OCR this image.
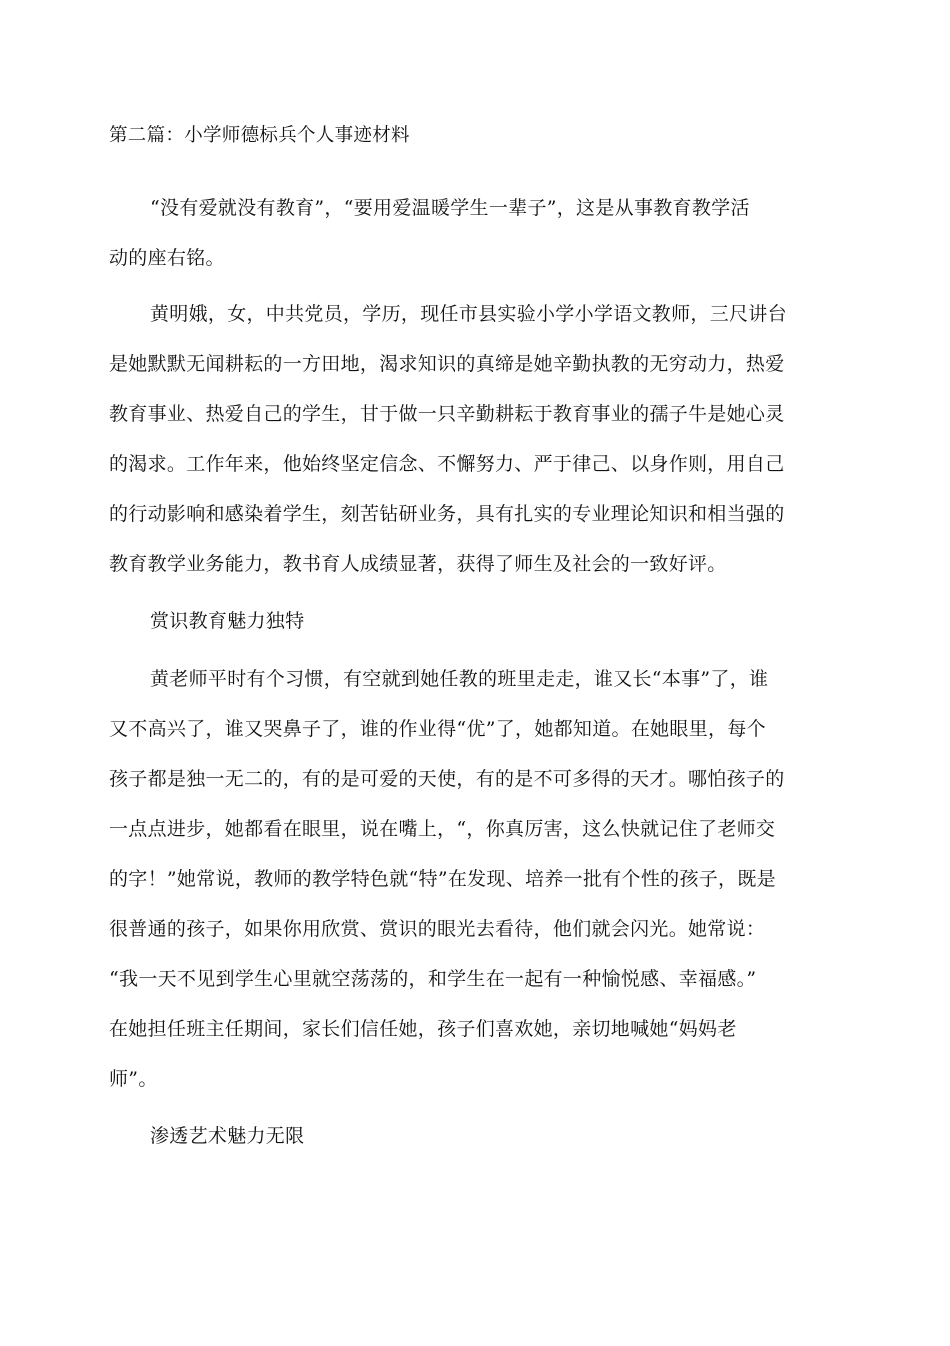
第二篇：小学师德标兵个人事迹材料
“没有爱就没有教育”，“要用爱温暖学生一辈子”，这是从事教育教学活
动的座右铭。
黄明娥，女，中共党员，学历，现任市县实验小学小学语文教师，三尺讲台
是她默默无闻耕耘的一方田地，渴求知识的真缔是她辛勤执教的无穷动力，热爱
教育事业、热爱自己的学生，甘于做一只辛勤耕耘于教育事业的孺子牛是她心灵
的渴求。工作年来，他始终坚定信念、不懈努力、严于律己、以身作则，用自己
的行动影响和感染着学生，刻苦钻研业务，具有扎实的专业理论知识和相当强的
教育教学业务能力，教书育人成绩显著，获得了师生及社会的一致好评。
赏识教育魅力独特
黄老师平时有个习惯，有空就到她任教的班里走走，谁又长“本事”了，谁
又不高兴了，谁又哭鼻子了，谁的作业得“优”了，她都知道。在她眼里，每个
孩子都是独一无二的，有的是可爱的天使，有的是不可多得的天才。哪怕孩子的
一点点进步，她都看在眼里，说在嘴上，“，你真厉害，这么快就记住了老师交
的字！”她常说，教师的教学特色就“特”在发现、培养一批有个性的孩子，既是
很普通的孩子，如果你用欣赏、赏识的眼光去看待，他们就会闪光。她常说：
“我一天不见到学生心里就空荡荡的，和学生在一起有一种愉悦感、幸福感。”
在她担任班主任期间，家长们信任她，孩子们喜欢她，亲切地喊她“妈妈老
师”。
渗透艺术魅力无限
